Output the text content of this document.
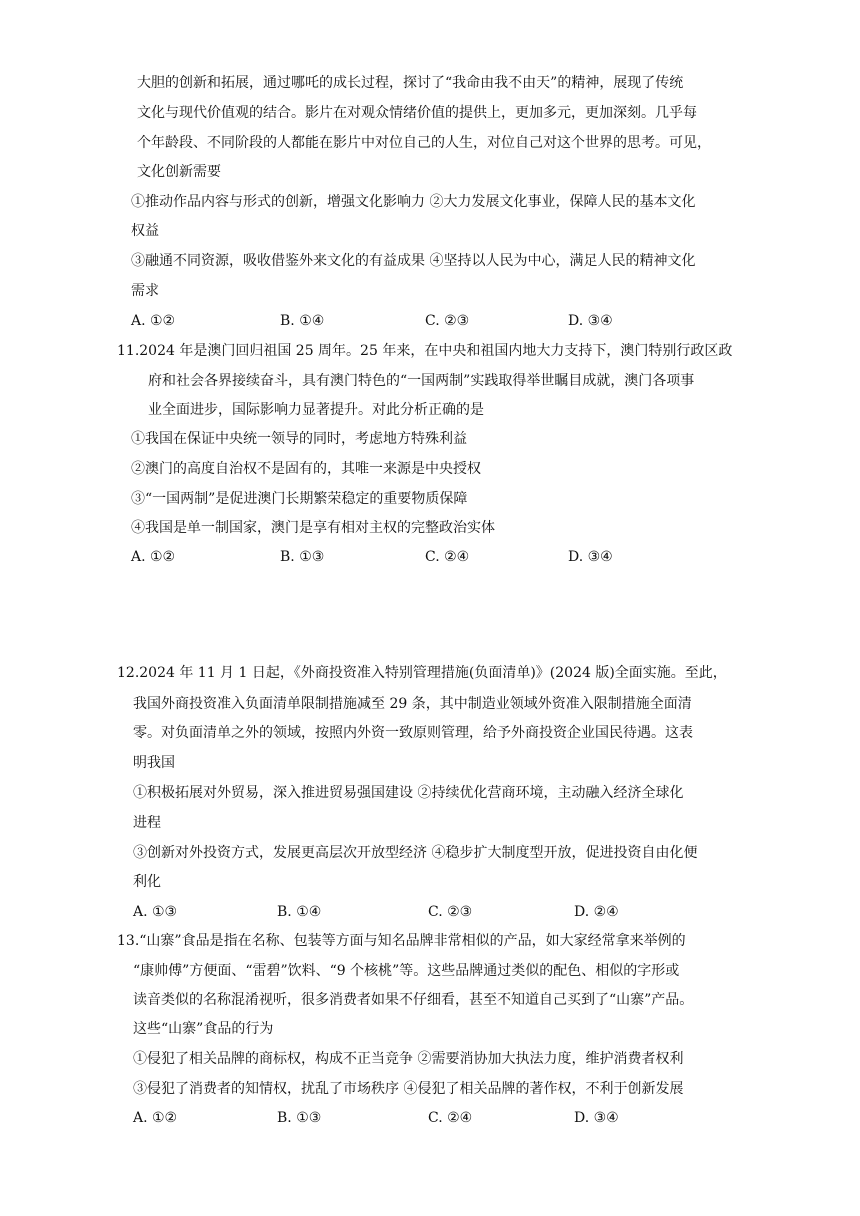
大胆的创新和拓展，通过哪吒的成长过程，探讨了“我命由我不由天”的精神，展现了传统
文化与现代价值观的结合。影片在对观众情绪价值的提供上，更加多元，更加深刻。几乎每
个年龄段、不同阶段的人都能在影片中对位自己的人生，对位自己对这个世界的思考。可见，
文化创新需要
①推动作品内容与形式的创新，增强文化影响力 ②大力发展文化事业，保障人民的基本文化
权益
③融通不同资源，吸收借鉴外来文化的有益成果 ④坚持以人民为中心，满足人民的精神文化
需求
A. ①②	B. ①④	C. ②③	D. ③④
11.2024 年是澳门回归祖国 25 周年。25 年来，在中央和祖国内地大力支持下，澳门特别行政区政
府和社会各界接续奋斗，具有澳门特色的“一国两制”实践取得举世瞩目成就，澳门各项事
业全面进步，国际影响力显著提升。对此分析正确的是
①我国在保证中央统一领导的同时，考虑地方特殊利益
②澳门的高度自治权不是固有的，其唯一来源是中央授权
③“一国两制”是促进澳门长期繁荣稳定的重要物质保障
④我国是单一制国家，澳门是享有相对主权的完整政治实体
A. ①②	B. ①③	C. ②④	D. ③④
12.2024 年 11 月 1 日起，《外商投资准入特别管理措施(负面清单)》(2024 版)全面实施。至此，
我国外商投资准入负面清单限制措施减至 29 条，其中制造业领域外资准入限制措施全面清
零。对负面清单之外的领域，按照内外资一致原则管理，给予外商投资企业国民待遇。这表
明我国
①积极拓展对外贸易，深入推进贸易强国建设 ②持续优化营商环境，主动融入经济全球化
进程
③创新对外投资方式，发展更高层次开放型经济 ④稳步扩大制度型开放，促进投资自由化便
利化
A. ①③	B. ①④	C. ②③	D. ②④
13.“山寨”食品是指在名称、包装等方面与知名品牌非常相似的产品，如大家经常拿来举例的
“康帅傅”方便面、“雷碧”饮料、“9 个核桃”等。这些品牌通过类似的配色、相似的字形或
读音类似的名称混淆视听，很多消费者如果不仔细看，甚至不知道自己买到了“山寨”产品。
这些“山寨”食品的行为
①侵犯了相关品牌的商标权，构成不正当竞争 ②需要消协加大执法力度，维护消费者权利
③侵犯了消费者的知情权，扰乱了市场秩序 ④侵犯了相关品牌的著作权，不利于创新发展
A. ①②	B. ①③	C. ②④	D. ③④
